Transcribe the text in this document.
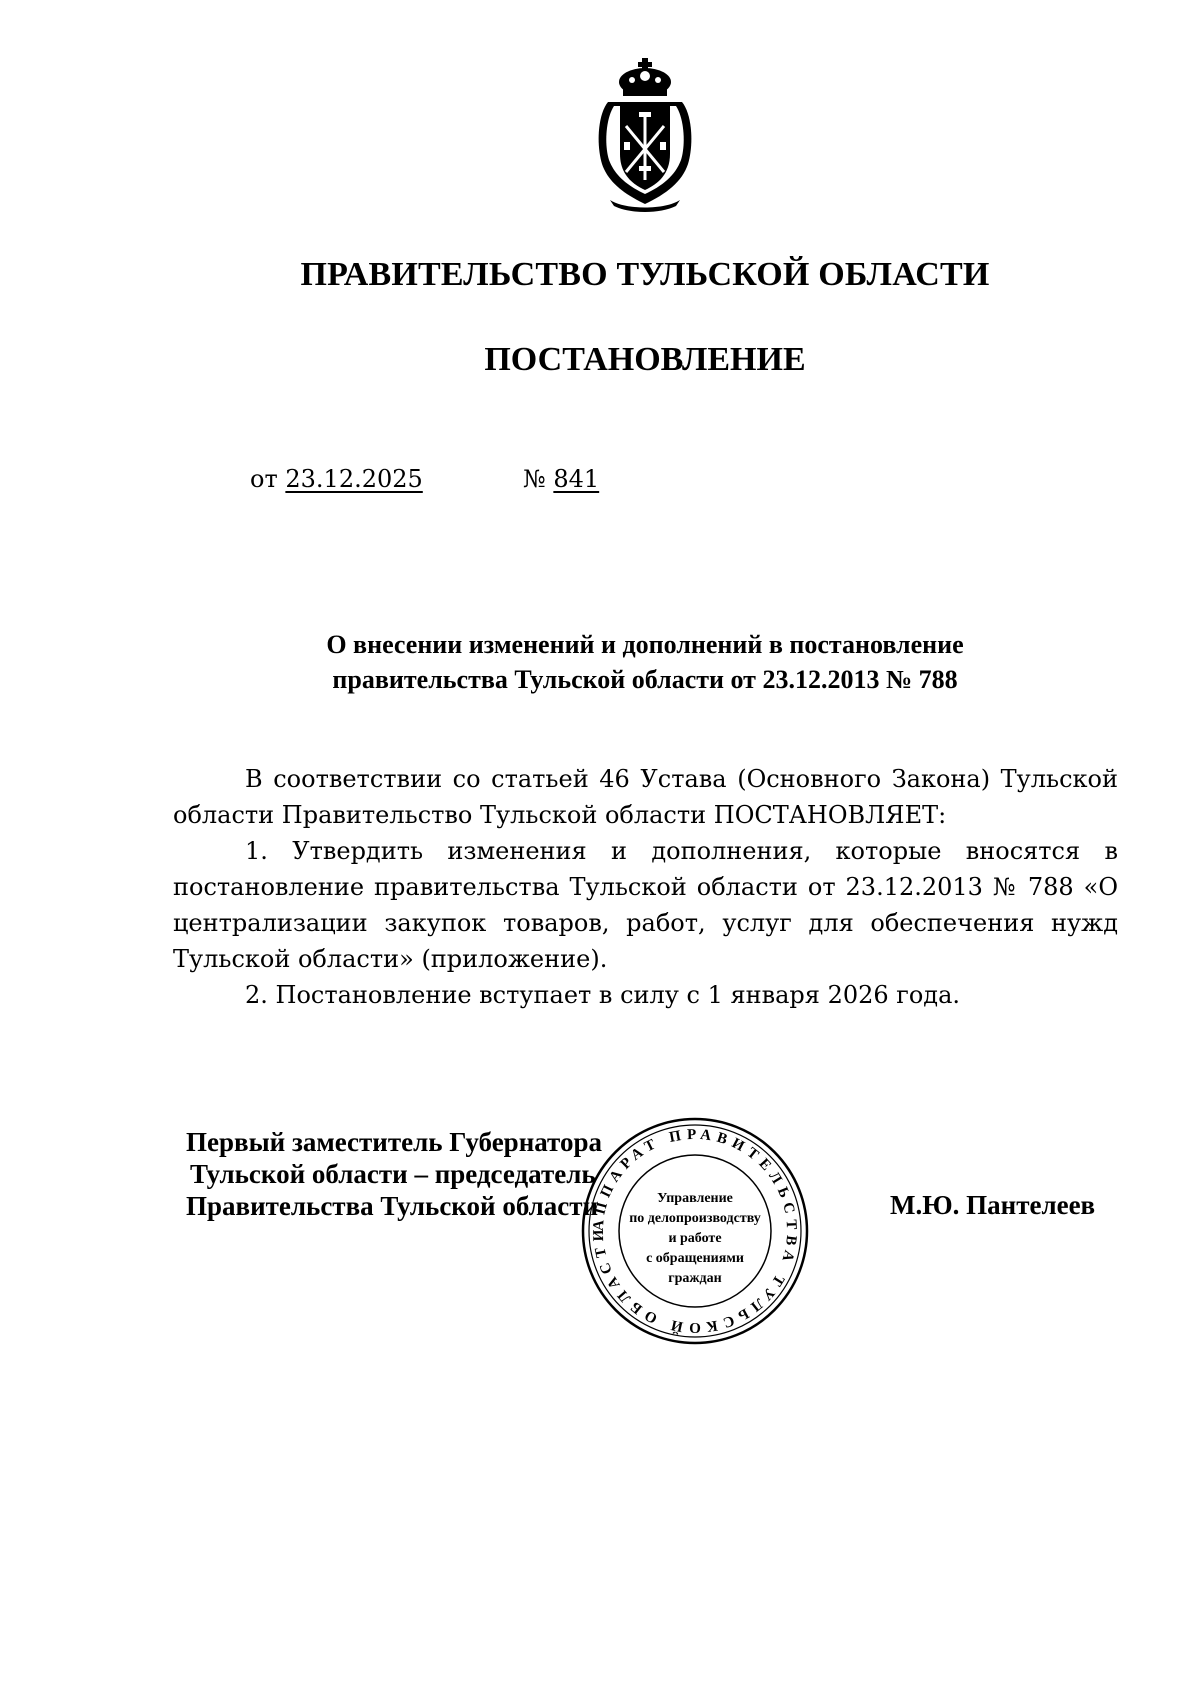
ПРАВИТЕЛЬСТВО ТУЛЬСКОЙ ОБЛАСТИ
ПОСТАНОВЛЕНИЕ
от 23.12.2025	№ 841
О внесении изменений и дополнений в постановление
правительства Тульской области от 23.12.2013 № 788

В соответствии со статьей 46 Устава (Основного Закона) Тульской области Правительство Тульской области ПОСТАНОВЛЯЕТ:

1. Утвердить изменения и дополнения, которые вносятся в постановление правительства Тульской области от 23.12.2013 № 788 «О централизации закупок товаров, работ, услуг для обеспечения нужд Тульской области» (приложение).

2. Постановление вступает в силу с 1 января 2026 года.

Первый заместитель Губернатора
Тульской области – председатель
Правительства Тульской области	М.Ю. Пантелеев
АППАРАТ ПРАВИТЕЛЬСТВА ТУЛЬСКОЙ ОБЛАСТИ
Управление
по делопроизводству
и работе
с обращениями
граждан
